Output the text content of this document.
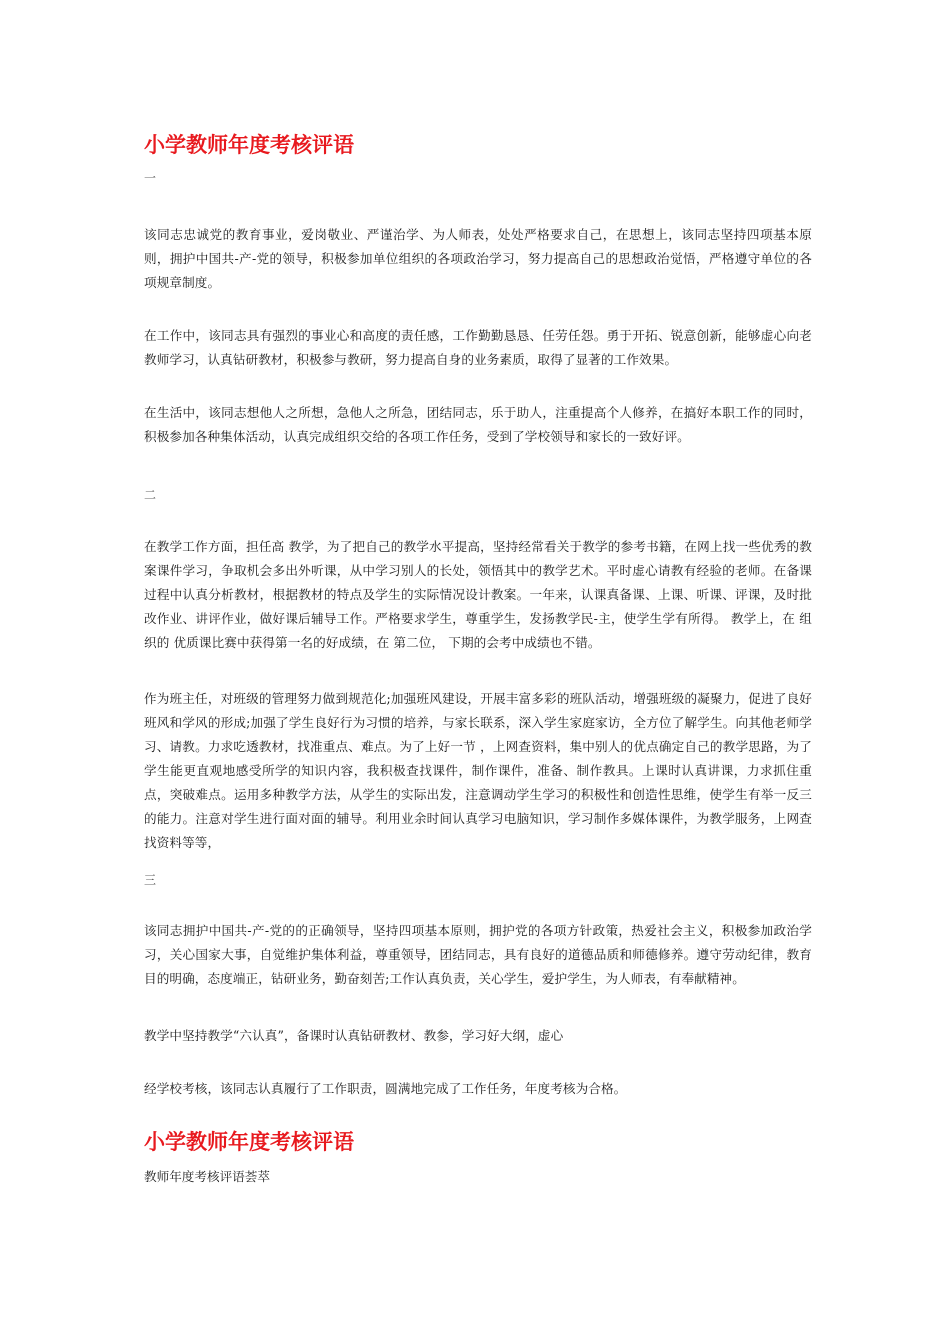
小学教师年度考核评语

一

该同志忠诚党的教育事业，爱岗敬业、严谨治学、为人师表，处处严格要求自己，在思想上，该同志坚持四项基本原则，拥护中国共-产-党的领导，积极参加单位组织的各项政治学习，努力提高自己的思想政治觉悟，严格遵守单位的各项规章制度。

在工作中，该同志具有强烈的事业心和高度的责任感，工作勤勤恳恳、任劳任怨。勇于开拓、锐意创新，能够虚心向老教师学习，认真钻研教材，积极参与教研，努力提高自身的业务素质，取得了显著的工作效果。

在生活中，该同志想他人之所想，急他人之所急，团结同志，乐于助人，注重提高个人修养，在搞好本职工作的同时，积极参加各种集体活动，认真完成组织交给的各项工作任务，受到了学校领导和家长的一致好评。

二

在教学工作方面，担任高 教学，为了把自己的教学水平提高，坚持经常看关于教学的参考书籍，在网上找一些优秀的教案课件学习，争取机会多出外听课，从中学习别人的长处，领悟其中的教学艺术。平时虚心请教有经验的老师。在备课过程中认真分析教材，根据教材的特点及学生的实际情况设计教案。一年来，认课真备课、上课、听课、评课，及时批改作业、讲评作业，做好课后辅导工作。严格要求学生，尊重学生，发扬教学民-主，使学生学有所得。 教学上，在 组织的 优质课比赛中获得第一名的好成绩，在 第二位， 下期的会考中成绩也不错。

作为班主任，对班级的管理努力做到规范化;加强班风建设，开展丰富多彩的班队活动，增强班级的凝聚力，促进了良好班风和学风的形成;加强了学生良好行为习惯的培养，与家长联系，深入学生家庭家访，全方位了解学生。向其他老师学习、请教。力求吃透教材，找准重点、难点。为了上好一节 ，上网查资料，集中别人的优点确定自己的教学思路，为了学生能更直观地感受所学的知识内容，我积极查找课件，制作课件，准备、制作教具。上课时认真讲课，力求抓住重点，突破难点。运用多种教学方法，从学生的实际出发，注意调动学生学习的积极性和创造性思维，使学生有举一反三的能力。注意对学生进行面对面的辅导。利用业余时间认真学习电脑知识，学习制作多媒体课件，为教学服务，上网查找资料等等，

三

该同志拥护中国共-产-党的的正确领导，坚持四项基本原则，拥护党的各项方针政策，热爱社会主义，积极参加政治学习，关心国家大事，自觉维护集体利益，尊重领导，团结同志，具有良好的道德品质和师德修养。遵守劳动纪律，教育目的明确，态度端正，钻研业务，勤奋刻苦;工作认真负责，关心学生，爱护学生，为人师表，有奉献精神。

教学中坚持教学“六认真”，备课时认真钻研教材、教参，学习好大纲，虚心

经学校考核，该同志认真履行了工作职责，圆满地完成了工作任务，年度考核为合格。

小学教师年度考核评语

教师年度考核评语荟萃
